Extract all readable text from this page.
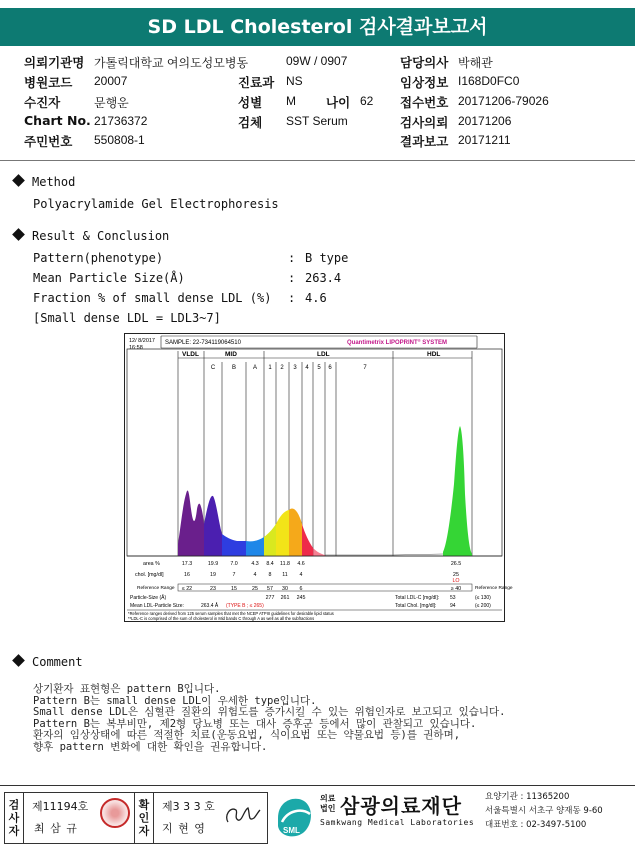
SD LDL Cholesterol 검사결과보고서
의뢰기관명 가톨릭대학교 여의도성모병동	09W / 0907	담당의사 박해관
병원코드 20007	진료과 NS	임상정보 I168D0FC0
수진자	문행운	성별 M 나이 62 접수번호 20171206-79026
Chart No. 21736372	검체 SST Serum	검사의뢰 20171206
주민번호 550808-1	결과보고 20171211
Method
Polyacrylamide Gel Electrophoresis
Result & Conclusion
Pattern(phenotype)	: B type
Mean Particle Size(Å)	: 263.4
Fraction % of small dense LDL (%) : 4.6
[Small dense LDL = LDL3~7]
12/ 8/2017
16:58
SAMPLE: 22-734119064510	Quantimetrix LIPOPRINT® SYSTEM
VLDL	MID	LDL	HDL
C	B	A 1 2 3 4 5 6	7
area %	17.3	19.9 7.0	4.3 8.4 11.8 4.6	26.5
chol. [mg/dl]	16	19	7	4 8 11 4	25
LO
Reference Range ≤ 22	23	15	25 57 30 6	≥ 40	Reference Range
Particle-Size (Å)	277 261 245	Total LDL-C [mg/dl]: 53	(≤ 130)
Mean LDL-Particle Size:	263.4 Å (TYPE B ; ≤ 265)	Total Chol. [mg/dl]:	94	(≤ 200)
*Reference ranges derived from 125 serum samples that met the NCEP ATPIII guidelines for desirable lipid status
**LDL-C is comprised of the sum of cholesterol in Mid bands C through A as well as all the subfractions
Comment
상기환자 표현형은 pattern B입니다.
Pattern B는 small dense LDL이 우세한 type입니다.
Small dense LDL은 심혈관 질환의 위험도를 증가시킬 수 있는 위험인자로 보고되고 있습니다.
Pattern B는 복부비만, 제2형 당뇨병 또는 대사 증후군 등에서 많이 관찰되고 있습니다.
환자의 임상상태에 따른 적절한 치료(운동요법, 식이요법 또는 약물요법 등)를 권하며,
향후 pattern 변화에 대한 확인을 권유합니다.
검사자	제11194호
최 삼 규	확인자	제3 3 3 호
지 현 영	SML
의료
법인 삼광의료재단
Samkwang Medical Laboratories
요양기관 : 11365200
서울특별시 서초구 양재동 9-60
대표번호 : 02-3497-5100
